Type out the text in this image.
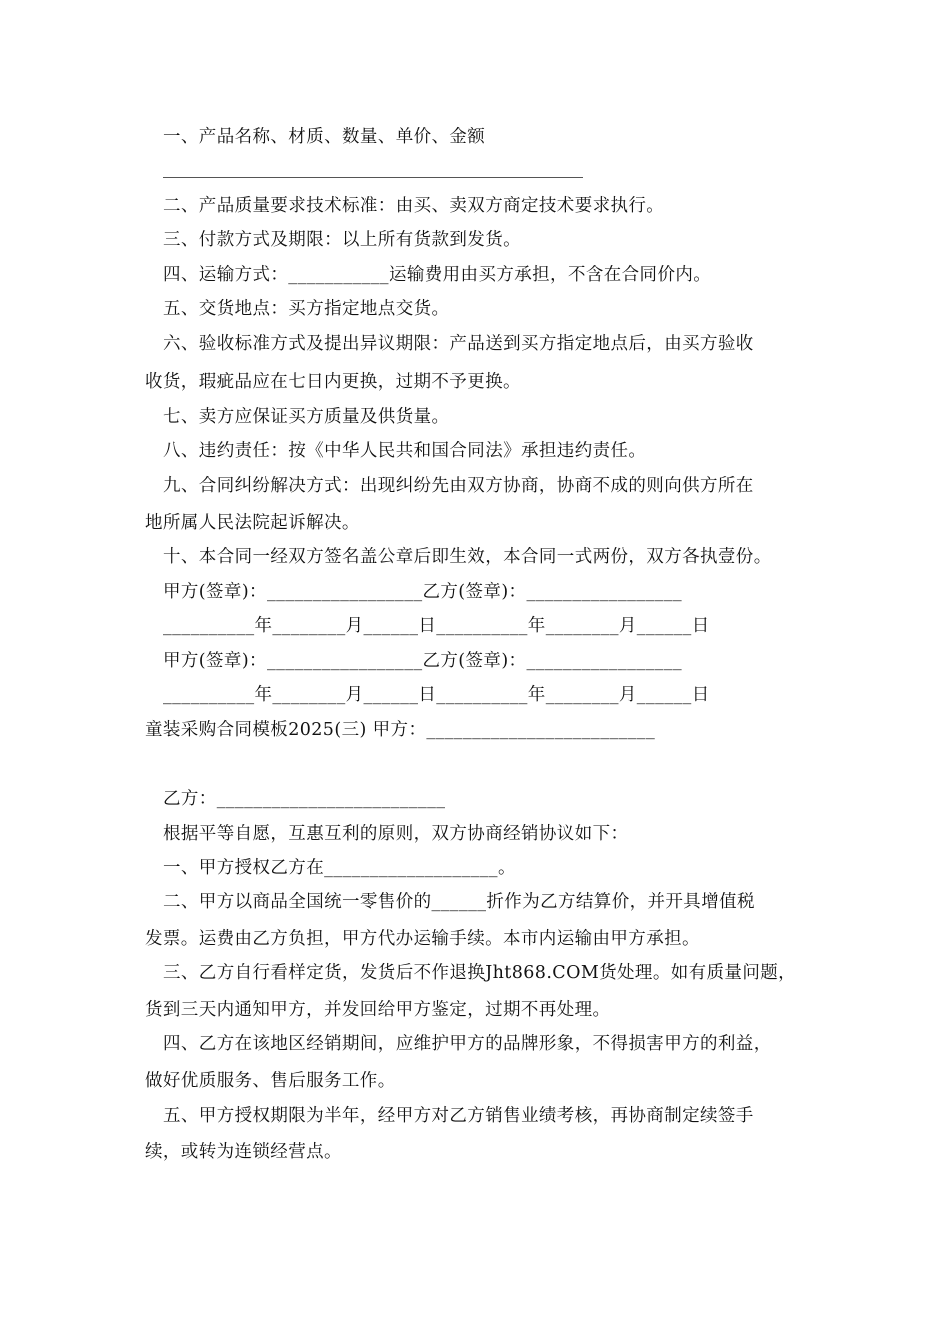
一、产品名称、材质、数量、单价、金额
二、产品质量要求技术标准：由买、卖双方商定技术要求执行。
三、付款方式及期限：以上所有货款到发货。
四、运输方式：___________运输费用由买方承担，不含在合同价内。
五、交货地点：买方指定地点交货。
六、验收标准方式及提出异议期限：产品送到买方指定地点后，由买方验收
收货，瑕疵品应在七日内更换，过期不予更换。
七、卖方应保证买方质量及供货量。
八、违约责任：按《中华人民共和国合同法》承担违约责任。
九、合同纠纷解决方式：出现纠纷先由双方协商，协商不成的则向供方所在
地所属人民法院起诉解决。
十、本合同一经双方签名盖公章后即生效，本合同一式两份，双方各执壹份。
甲方(签章)：_________________乙方(签章)：_________________
__________年________月______日__________年________月______日
甲方(签章)：_________________乙方(签章)：_________________
__________年________月______日__________年________月______日
童装采购合同模板2025(三) 甲方：_________________________
乙方：_________________________
根据平等自愿，互惠互利的原则，双方协商经销协议如下：
一、甲方授权乙方在___________________。
二、甲方以商品全国统一零售价的______折作为乙方结算价，并开具增值税
发票。运费由乙方负担，甲方代办运输手续。本市内运输由甲方承担。
三、乙方自行看样定货，发货后不作退换Jht868.COM货处理。如有质量问题，
货到三天内通知甲方，并发回给甲方鉴定，过期不再处理。
四、乙方在该地区经销期间，应维护甲方的品牌形象，不得损害甲方的利益，
做好优质服务、售后服务工作。
五、甲方授权期限为半年，经甲方对乙方销售业绩考核，再协商制定续签手
续，或转为连锁经营点。
